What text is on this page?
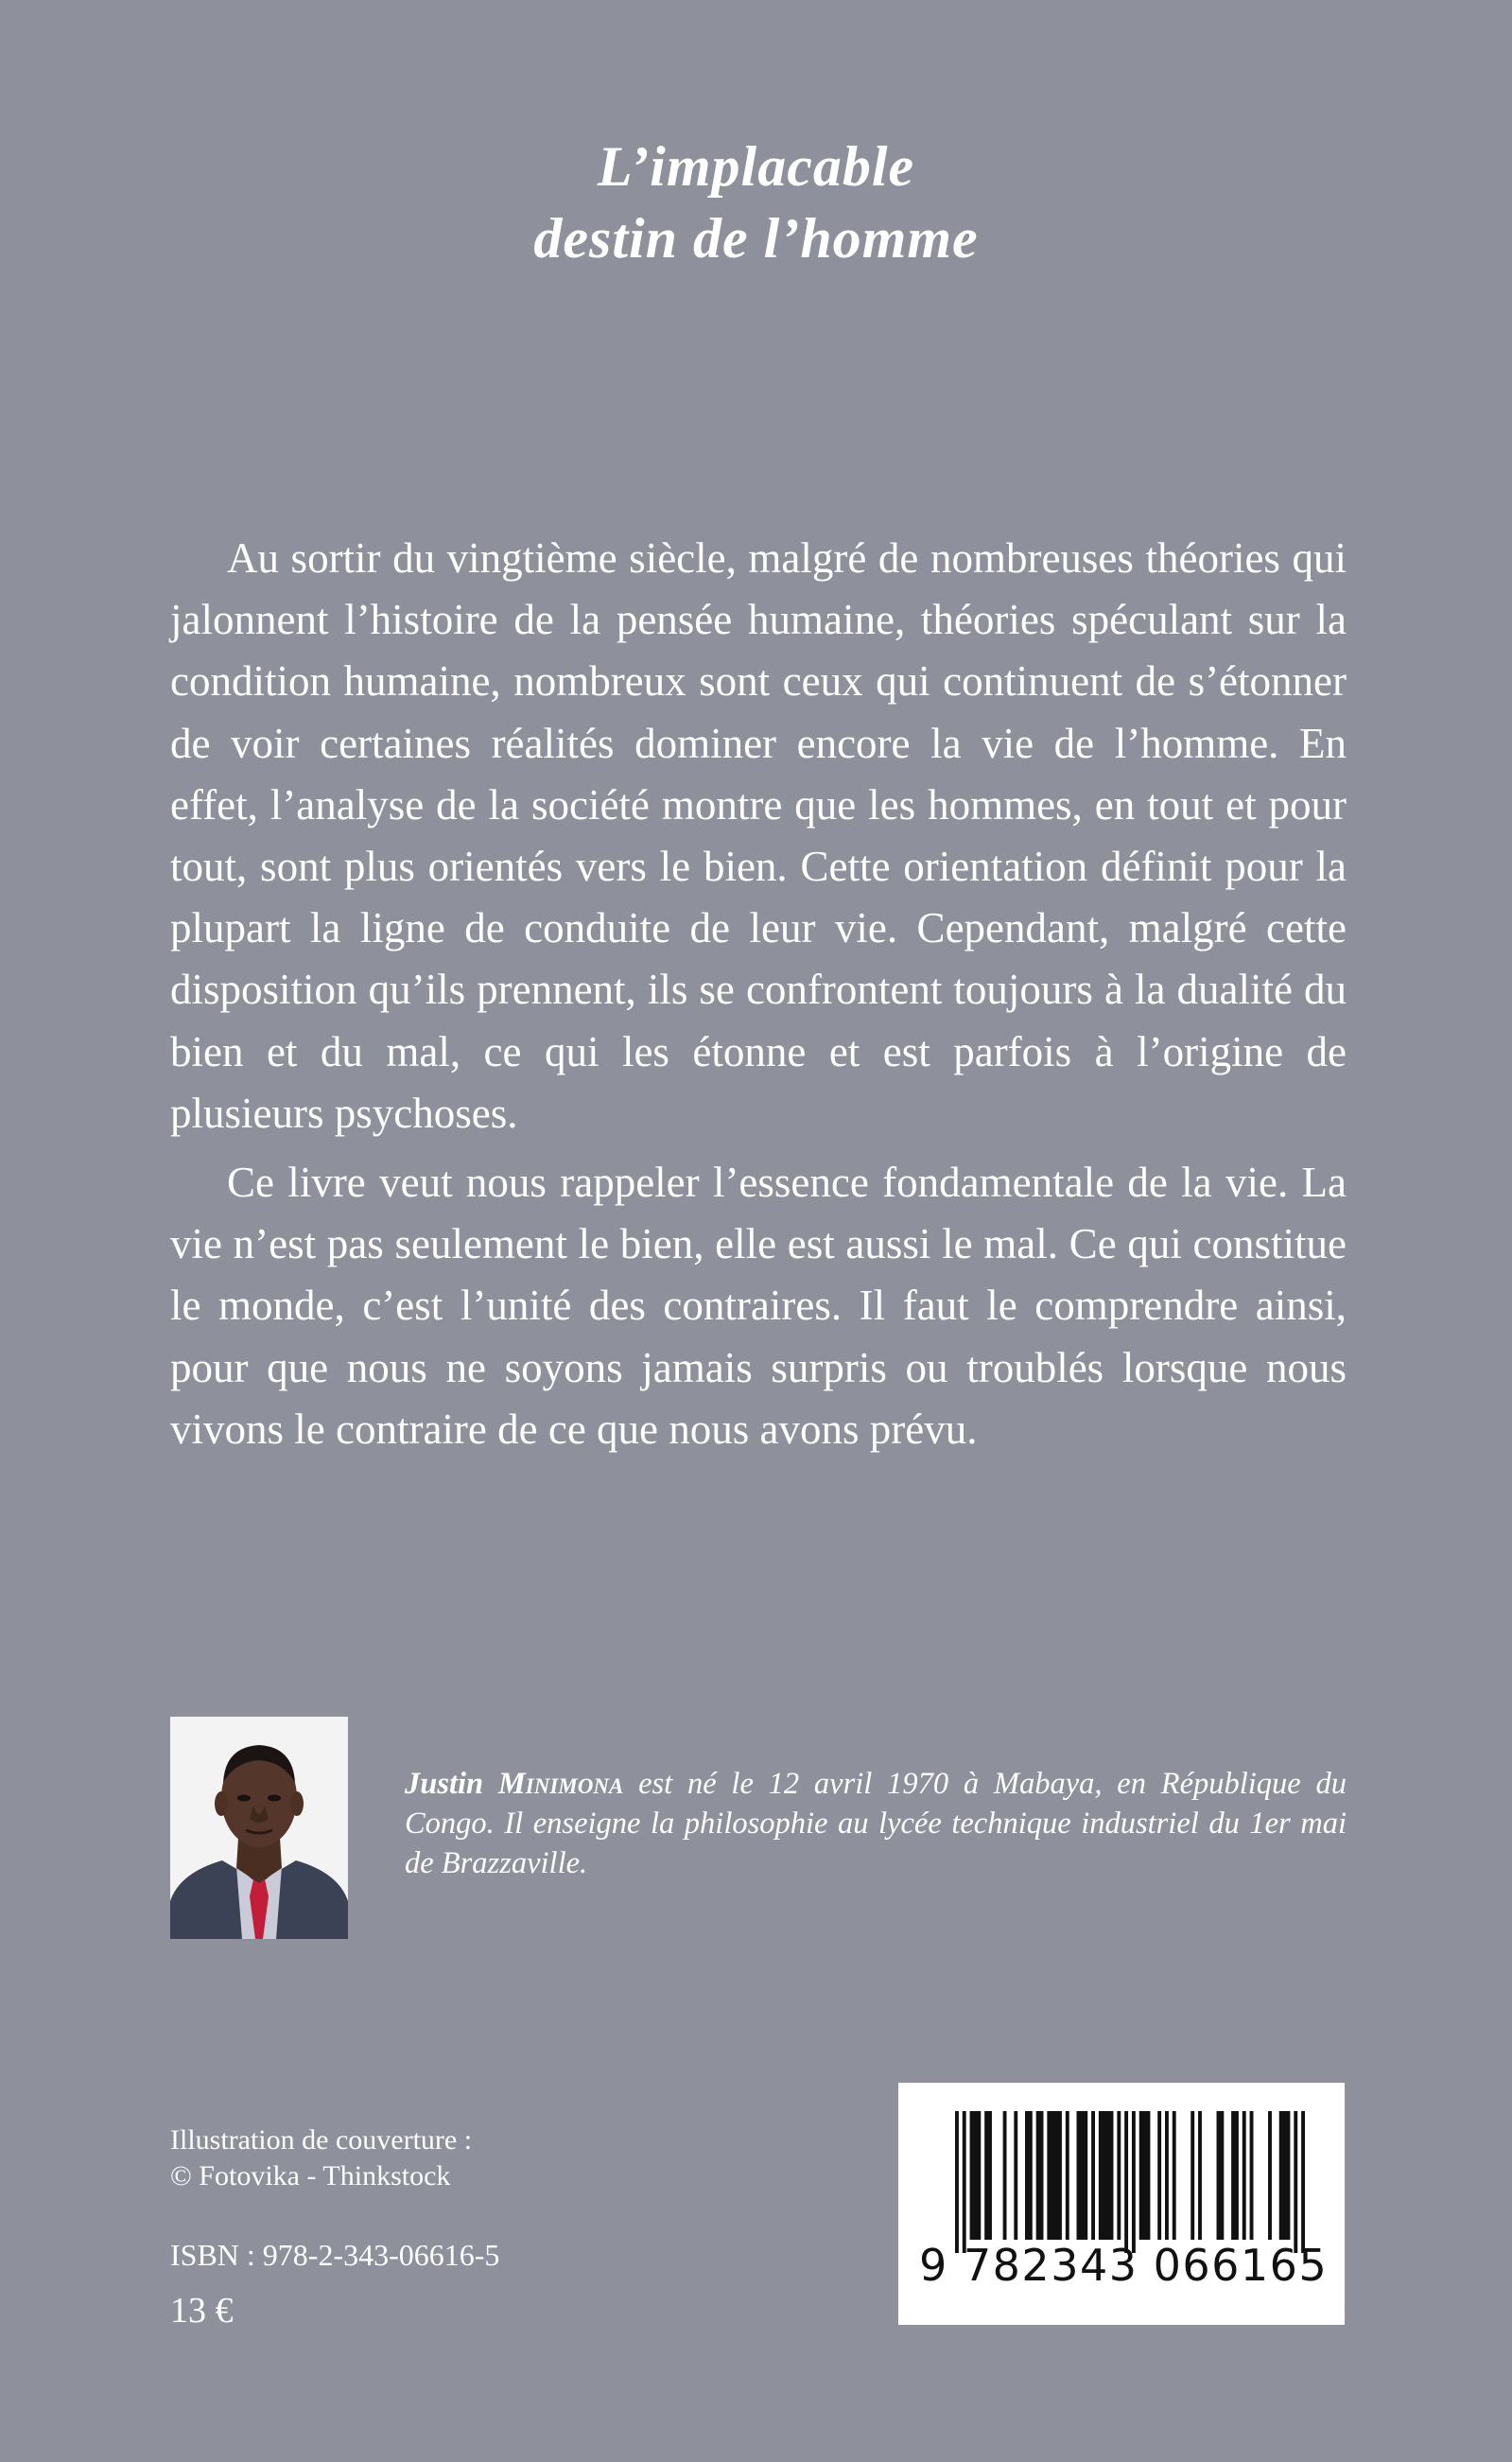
L’implacable
destin de l’homme

Au sortir du vingtième siècle, malgré de nombreuses théories qui jalonnent l’histoire de la pensée humaine, théories spéculant sur la condition humaine, nombreux sont ceux qui continuent de s’étonner de voir certaines réalités dominer encore la vie de l’homme. En effet, l’analyse de la société montre que les hommes, en tout et pour tout, sont plus orientés vers le bien. Cette orientation définit pour la plupart la ligne de conduite de leur vie. Cependant, malgré cette disposition qu’ils prennent, ils se confrontent toujours à la dualité du bien et du mal, ce qui les étonne et est parfois à l’origine de plusieurs psychoses.

Ce livre veut nous rappeler l’essence fondamentale de la vie. La vie n’est pas seulement le bien, elle est aussi le mal. Ce qui constitue le monde, c’est l’unité des contraires. Il faut le comprendre ainsi, pour que nous ne soyons jamais surpris ou troublés lorsque nous vivons le contraire de ce que nous avons prévu.

Justin Minimona est né le 12 avril 1970 à Mabaya, en République du Congo. Il enseigne la philosophie au lycée technique industriel du 1er mai de Brazzaville.
Illustration de couverture :
© Fotovika - Thinkstock
ISBN : 978-2-343-06616-5
13 €
9 782343 066165
